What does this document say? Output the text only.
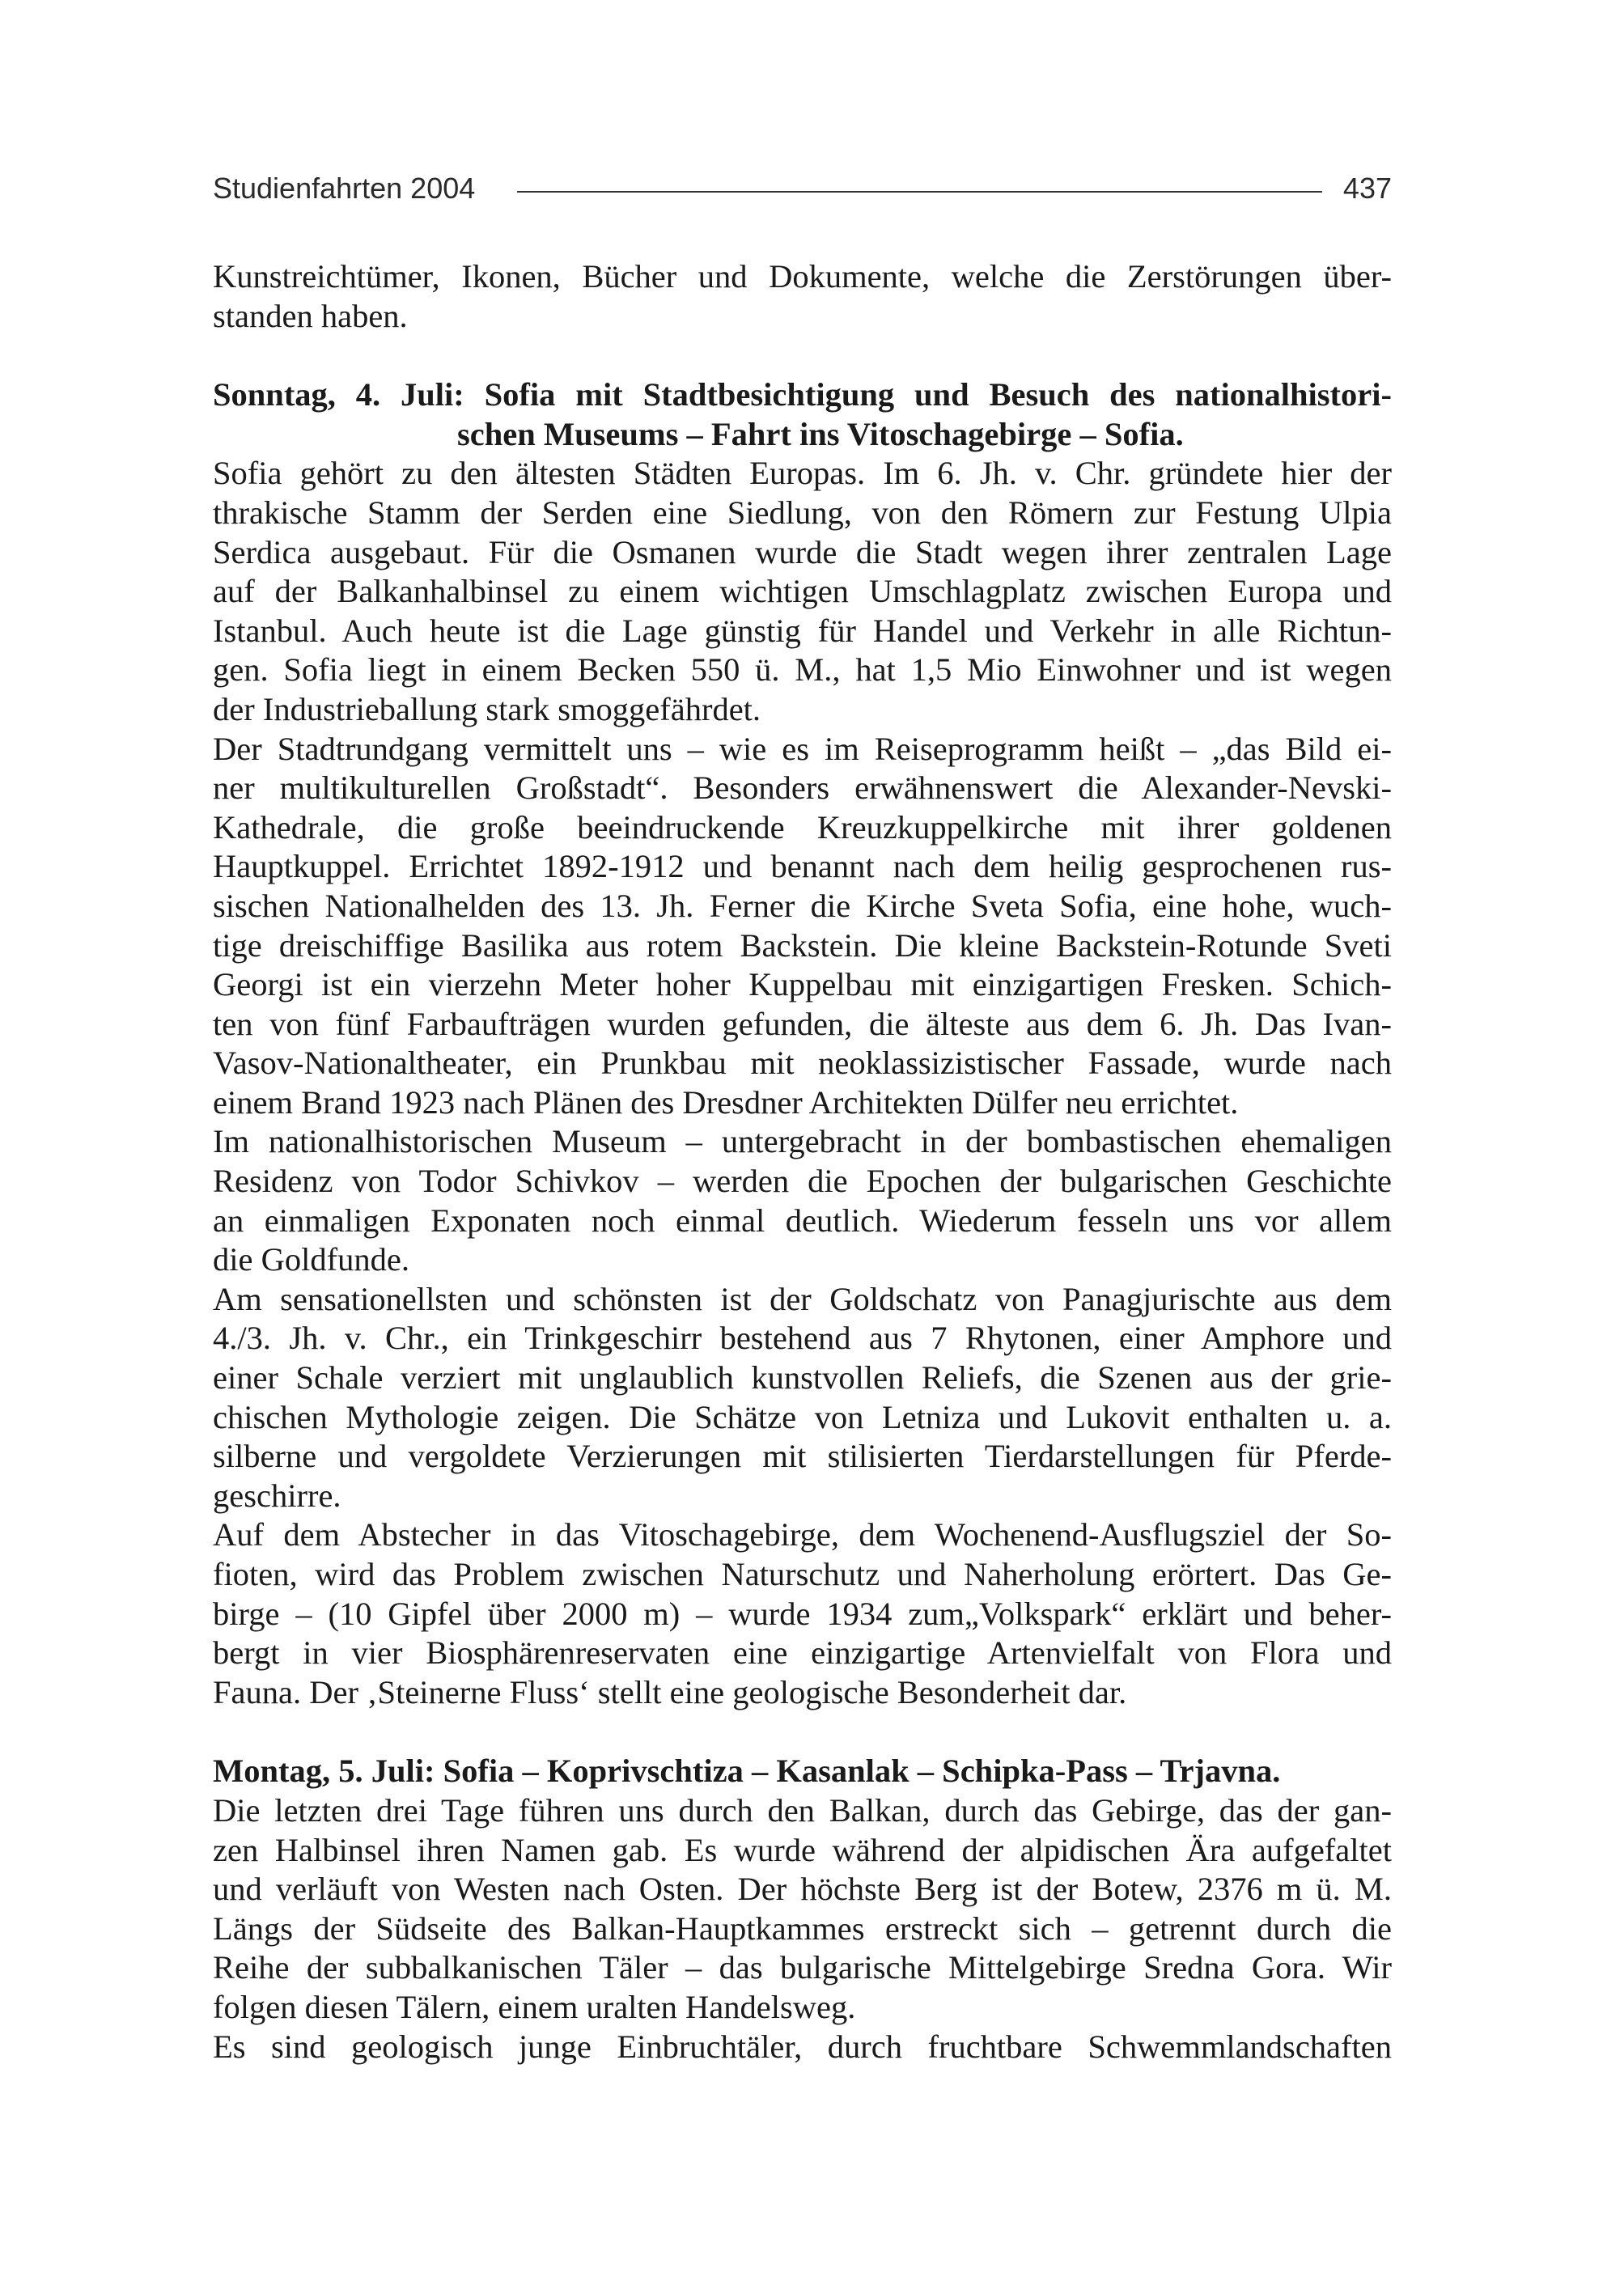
Studienfahrten 2004	437
Kunstreichtümer, Ikonen, Bücher und Dokumente, welche die Zerstörungen über-
standen haben.
Sonntag, 4. Juli: Sofia mit Stadtbesichtigung und Besuch des nationalhistori-
schen Museums – Fahrt ins Vitoschagebirge – Sofia.
Sofia gehört zu den ältesten Städten Europas. Im 6. Jh. v. Chr. gründete hier der
thrakische Stamm der Serden eine Siedlung, von den Römern zur Festung Ulpia
Serdica ausgebaut. Für die Osmanen wurde die Stadt wegen ihrer zentralen Lage
auf der Balkanhalbinsel zu einem wichtigen Umschlagplatz zwischen Europa und
Istanbul. Auch heute ist die Lage günstig für Handel und Verkehr in alle Richtun-
gen. Sofia liegt in einem Becken 550 ü. M., hat 1,5 Mio Einwohner und ist wegen
der Industrieballung stark smoggefährdet.
Der Stadtrundgang vermittelt uns – wie es im Reiseprogramm heißt – „das Bild ei-
ner multikulturellen Großstadt“. Besonders erwähnenswert die Alexander-Nevski-
Kathedrale, die große beeindruckende Kreuzkuppelkirche mit ihrer goldenen
Hauptkuppel. Errichtet 1892-1912 und benannt nach dem heilig gesprochenen rus-
sischen Nationalhelden des 13. Jh. Ferner die Kirche Sveta Sofia, eine hohe, wuch-
tige dreischiffige Basilika aus rotem Backstein. Die kleine Backstein-Rotunde Sveti
Georgi ist ein vierzehn Meter hoher Kuppelbau mit einzigartigen Fresken. Schich-
ten von fünf Farbaufträgen wurden gefunden, die älteste aus dem 6. Jh. Das Ivan-
Vasov-Nationaltheater, ein Prunkbau mit neoklassizistischer Fassade, wurde nach
einem Brand 1923 nach Plänen des Dresdner Architekten Dülfer neu errichtet.
Im nationalhistorischen Museum – untergebracht in der bombastischen ehemaligen
Residenz von Todor Schivkov – werden die Epochen der bulgarischen Geschichte
an einmaligen Exponaten noch einmal deutlich. Wiederum fesseln uns vor allem
die Goldfunde.
Am sensationellsten und schönsten ist der Goldschatz von Panagjurischte aus dem
4./3. Jh. v. Chr., ein Trinkgeschirr bestehend aus 7 Rhytonen, einer Amphore und
einer Schale verziert mit unglaublich kunstvollen Reliefs, die Szenen aus der grie-
chischen Mythologie zeigen. Die Schätze von Letniza und Lukovit enthalten u. a.
silberne und vergoldete Verzierungen mit stilisierten Tierdarstellungen für Pferde-
geschirre.
Auf dem Abstecher in das Vitoschagebirge, dem Wochenend-Ausflugsziel der So-
fioten, wird das Problem zwischen Naturschutz und Naherholung erörtert. Das Ge-
birge – (10 Gipfel über 2000 m) – wurde 1934 zum„Volkspark“ erklärt und beher-
bergt in vier Biosphärenreservaten eine einzigartige Artenvielfalt von Flora und
Fauna. Der ‚Steinerne Fluss‘ stellt eine geologische Besonderheit dar.
Montag, 5. Juli: Sofia – Koprivschtiza – Kasanlak – Schipka-Pass – Trjavna.
Die letzten drei Tage führen uns durch den Balkan, durch das Gebirge, das der gan-
zen Halbinsel ihren Namen gab. Es wurde während der alpidischen Ära aufgefaltet
und verläuft von Westen nach Osten. Der höchste Berg ist der Botew, 2376 m ü. M.
Längs der Südseite des Balkan-Hauptkammes erstreckt sich – getrennt durch die
Reihe der subbalkanischen Täler – das bulgarische Mittelgebirge Sredna Gora. Wir
folgen diesen Tälern, einem uralten Handelsweg.
Es sind geologisch junge Einbruchtäler, durch fruchtbare Schwemmlandschaften
